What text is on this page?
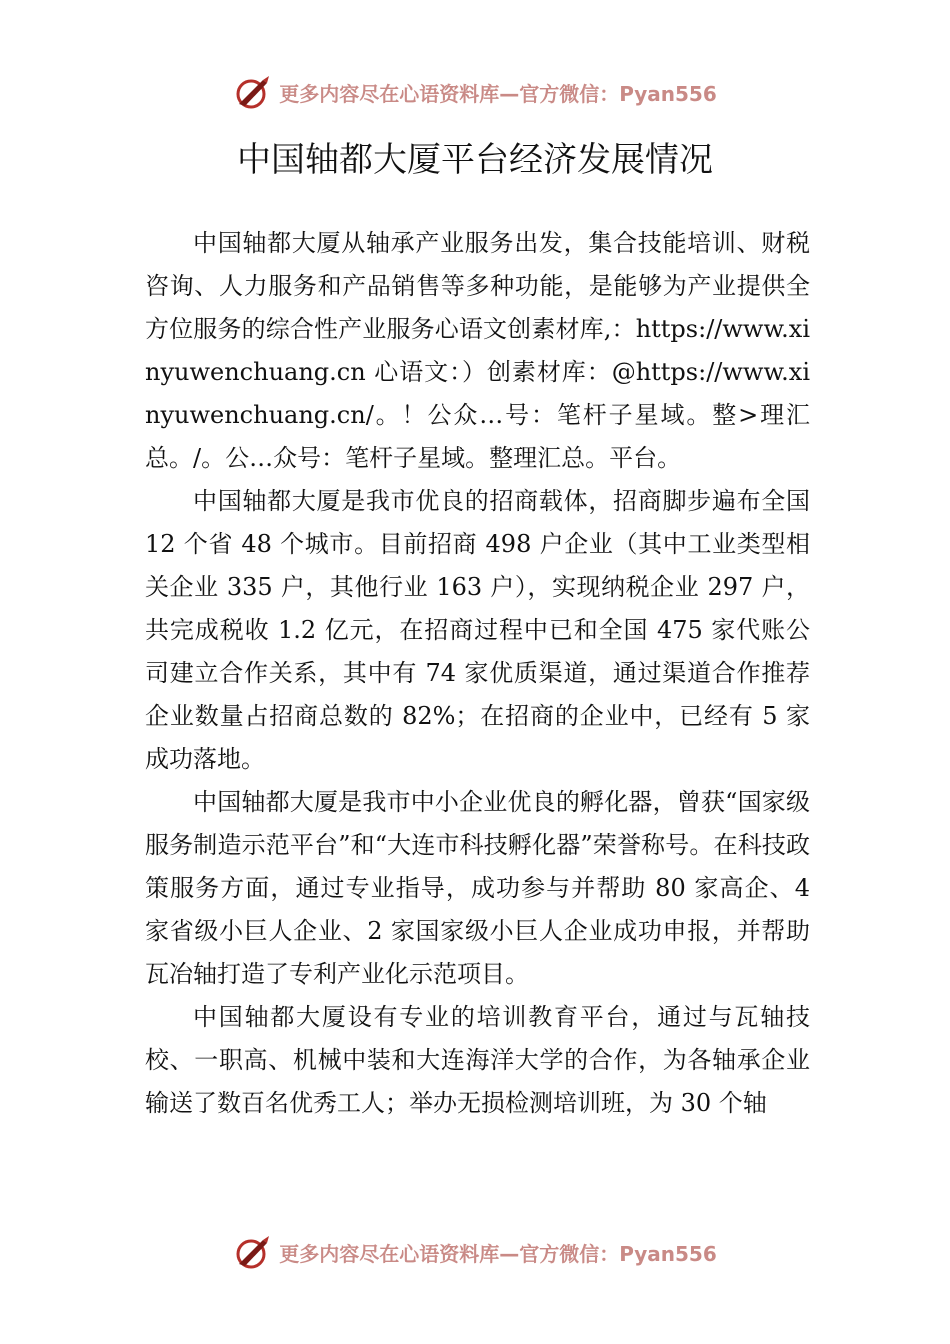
更多内容尽在心语资料库—官方微信：Pyan556
中国轴都大厦平台经济发展情况

中国轴都大厦从轴承产业服务出发，集合技能培训、财税咨询、人力服务和产品销售等多种功能，是能够为产业提供全方位服务的综合性产业服务心语文创素材库,：https://www.xinyuwenchuang.cn 心语文：）创素材库：@https://www.xinyuwenchuang.cn/。！公众…号：笔杆子星域。整>理汇总。/。公…众号：笔杆子星域。整理汇总。平台。

中国轴都大厦是我市优良的招商载体，招商脚步遍布全国 12 个省 48 个城市。目前招商 498 户企业（其中工业类型相关企业 335 户，其他行业 163 户），实现纳税企业 297 户，共完成税收 1.2 亿元，在招商过程中已和全国 475 家代账公司建立合作关系，其中有 74 家优质渠道，通过渠道合作推荐企业数量占招商总数的 82%；在招商的企业中，已经有 5 家成功落地。

中国轴都大厦是我市中小企业优良的孵化器，曾获“国家级服务制造示范平台”和“大连市科技孵化器”荣誉称号。在科技政策服务方面，通过专业指导，成功参与并帮助 80 家高企、4 家省级小巨人企业、2 家国家级小巨人企业成功申报，并帮助瓦冶轴打造了专利产业化示范项目。

中国轴都大厦设有专业的培训教育平台，通过与瓦轴技校、一职高、机械中装和大连海洋大学的合作，为各轴承企业输送了数百名优秀工人；举办无损检测培训班，为 30 个轴

更多内容尽在心语资料库—官方微信：Pyan556
